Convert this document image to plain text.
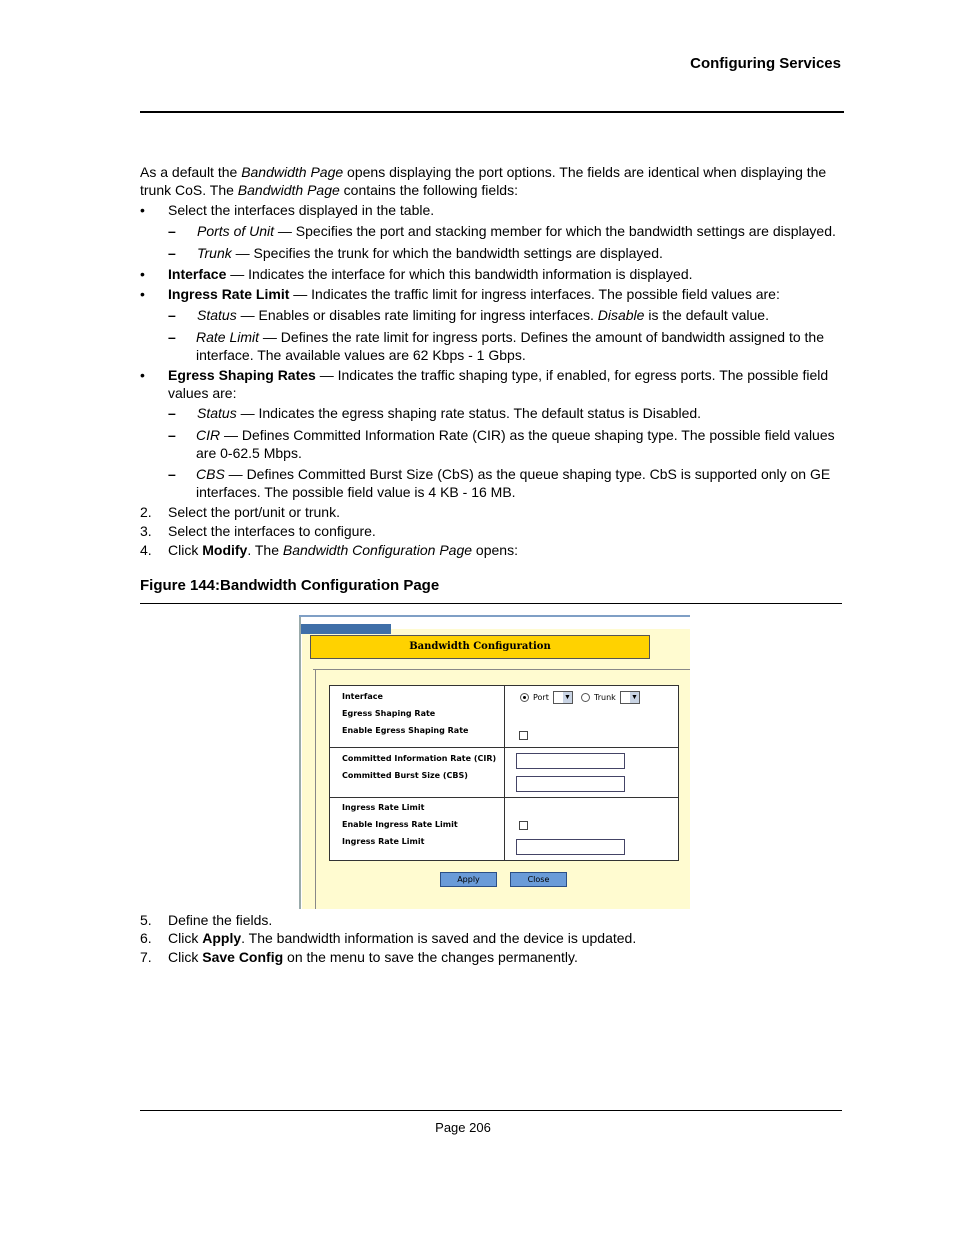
Configuring Services
As a default the Bandwidth Page opens displaying the port options. The fields are identical when displaying the trunk CoS. The Bandwidth Page contains the following fields:
• Select the interfaces displayed in the table.
– Ports of Unit — Specifies the port and stacking member for which the bandwidth settings are displayed.
– Trunk — Specifies the trunk for which the bandwidth settings are displayed.
• Interface — Indicates the interface for which this bandwidth information is displayed.
• Ingress Rate Limit — Indicates the traffic limit for ingress interfaces. The possible field values are:
– Status — Enables or disables rate limiting for ingress interfaces. Disable is the default value.
– Rate Limit — Defines the rate limit for ingress ports. Defines the amount of bandwidth assigned to the interface. The available values are 62 Kbps - 1 Gbps.
• Egress Shaping Rates — Indicates the traffic shaping type, if enabled, for egress ports. The possible field values are:
– Status — Indicates the egress shaping rate status. The default status is Disabled.
– CIR — Defines Committed Information Rate (CIR) as the queue shaping type. The possible field values are 0-62.5 Mbps.
– CBS — Defines Committed Burst Size (CbS) as the queue shaping type. CbS is supported only on GE interfaces. The possible field value is 4 KB - 16 MB.
2. Select the port/unit or trunk.
3. Select the interfaces to configure.
4. Click Modify. The Bandwidth Configuration Page opens:
Figure 144:Bandwidth Configuration Page
Bandwidth Configuration
Interface
Egress Shaping Rate
Enable Egress Shaping Rate
Committed Information Rate (CIR)
Committed Burst Size (CBS)
Ingress Rate Limit
Enable Ingress Rate Limit
Ingress Rate Limit
Port ▼	Trunk ▼
Apply	Close
5. Define the fields.
6. Click Apply. The bandwidth information is saved and the device is updated.
7. Click Save Config on the menu to save the changes permanently.
Page 206
